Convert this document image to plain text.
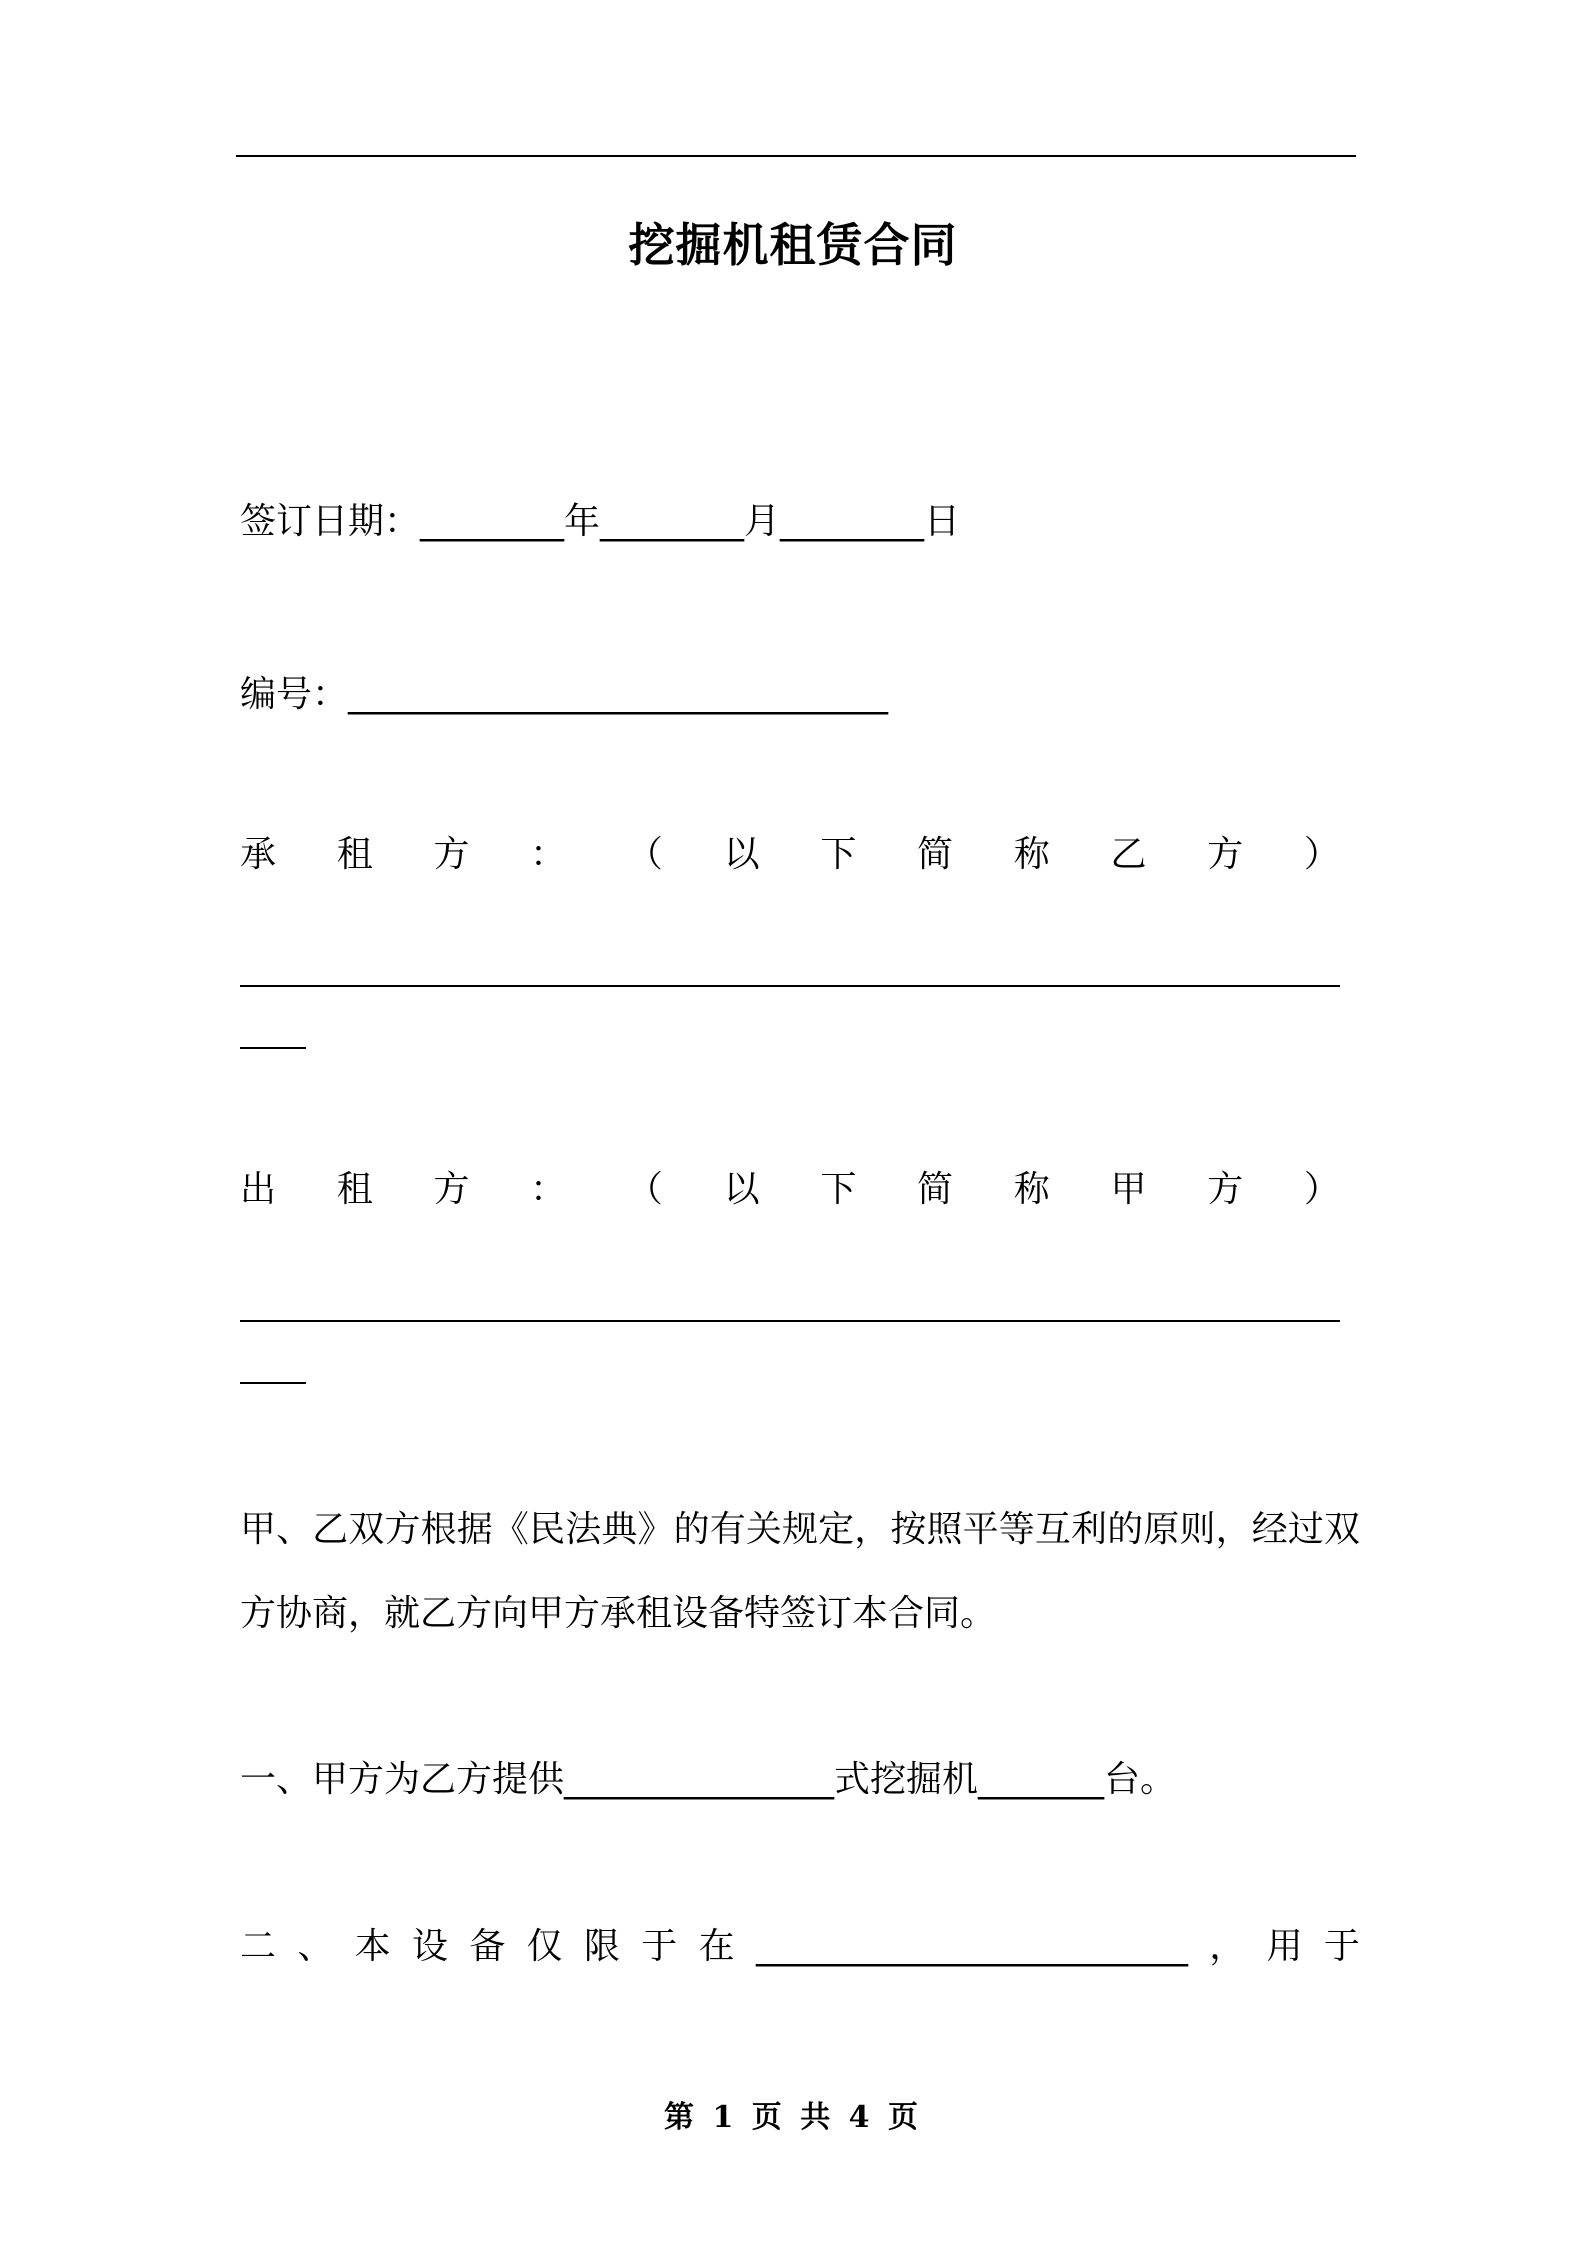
挖掘机租赁合同
签订日期：________年________月________日
编号：______________________________
承 租 方 ： （ 以 下 简 称 乙 方 ）
出 租 方 ： （ 以 下 简 称 甲 方 ）
甲、乙双方根据《民法典》的有关规定，按照平等互利的原则，经过双方协商，就乙方向甲方承租设备特签订本合同。
一、甲方为乙方提供_______________式挖掘机_______台。
二 、 本 设 备 仅 限 于 在 ________________________ ， 用 于
第 1 页 共 4 页
